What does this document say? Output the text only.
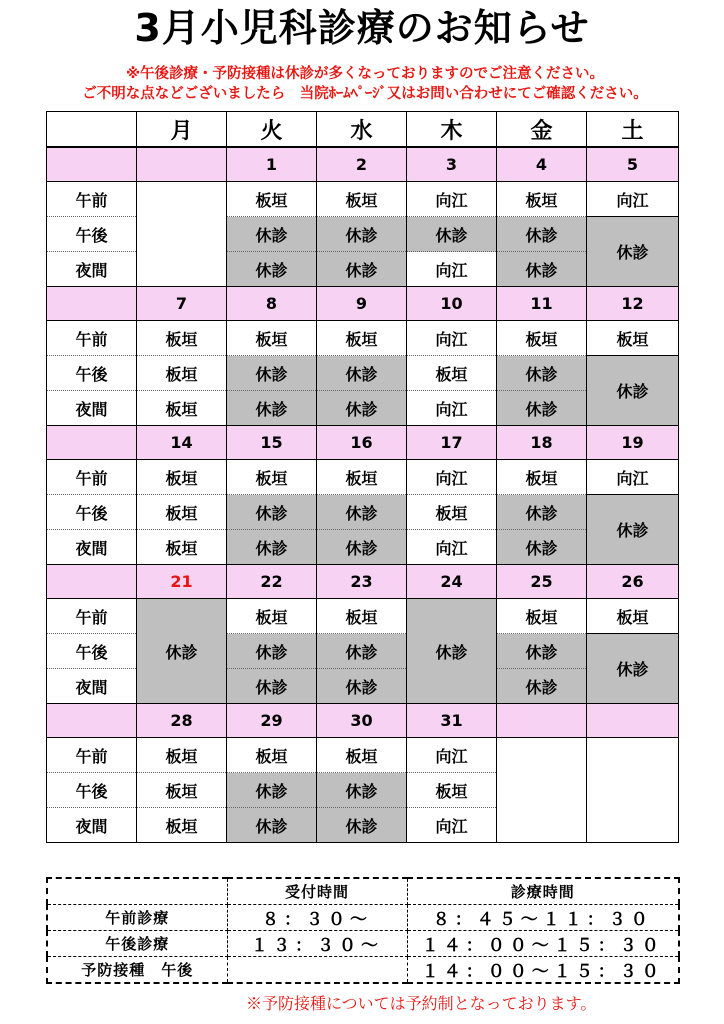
3月小児科診療のお知らせ
※午後診療・予防接種は休診が多くなっておりますのでご注意ください。
ご不明な点などございましたら　当院ﾎｰﾑﾍﾟｰｼﾞ又はお問い合わせにてご確認ください。
	月	火	水	木	金	土
		1	2	3	4	5
午前		板垣	板垣	向江	板垣	向江
午後		休診	休診	休診	休診	休診
夜間		休診	休診	向江	休診	
	7	8	9	10	11	12
午前	板垣	板垣	板垣	向江	板垣	板垣
午後	板垣	休診	休診	板垣	休診	休診
夜間	板垣	休診	休診	向江	休診	
	14	15	16	17	18	19
午前	板垣	板垣	板垣	向江	板垣	向江
午後	板垣	休診	休診	板垣	休診	休診
夜間	板垣	休診	休診	向江	休診	
	21	22	23	24	25	26
午前	休診	板垣	板垣	休診	板垣	板垣
午後		休診	休診		休診	休診
夜間		休診	休診		休診	
	28	29	30	31		
午前	板垣	板垣	板垣	向江		
午後	板垣	休診	休診	板垣		
夜間	板垣	休診	休診	向江		
	受付時間	診療時間
午前診療	８：３０～	８：４５～１１：３０
午後診療	１３：３０～	１４：００～１５：３０
予防接種　午後		１４：００～１５：３０
※予防接種については予約制となっております。
